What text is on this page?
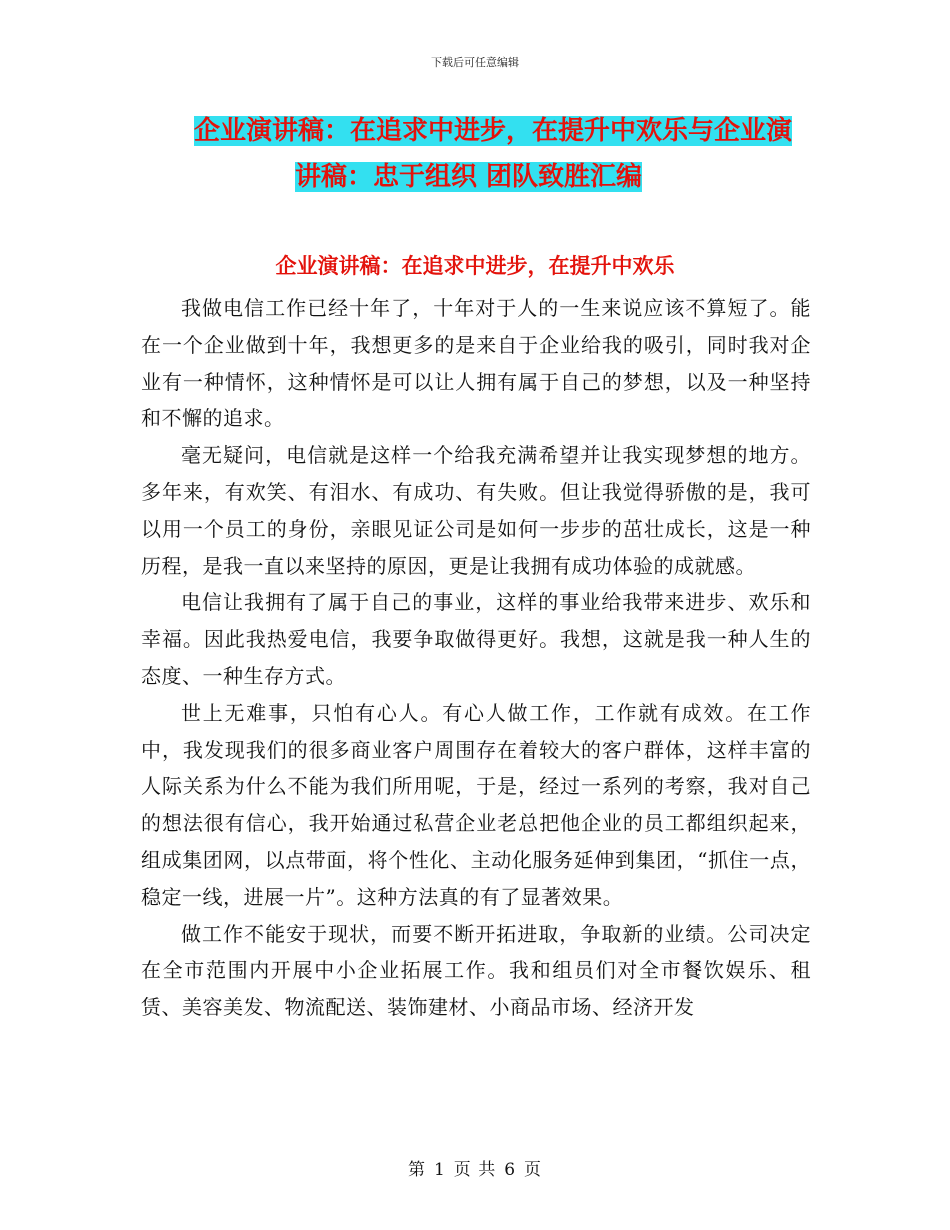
下载后可任意编辑
企业演讲稿：在追求中进步，在提升中欢乐与企业演
讲稿：忠于组织 团队致胜汇编
企业演讲稿：在追求中进步，在提升中欢乐

我做电信工作已经十年了，十年对于人的一生来说应该不算短了。能在一个企业做到十年，我想更多的是来自于企业给我的吸引，同时我对企业有一种情怀，这种情怀是可以让人拥有属于自己的梦想，以及一种坚持和不懈的追求。

毫无疑问，电信就是这样一个给我充满希望并让我实现梦想的地方。多年来，有欢笑、有泪水、有成功、有失败。但让我觉得骄傲的是，我可以用一个员工的身份，亲眼见证公司是如何一步步的茁壮成长，这是一种历程，是我一直以来坚持的原因，更是让我拥有成功体验的成就感。

电信让我拥有了属于自己的事业，这样的事业给我带来进步、欢乐和幸福。因此我热爱电信，我要争取做得更好。我想，这就是我一种人生的态度、一种生存方式。

世上无难事，只怕有心人。有心人做工作，工作就有成效。在工作中，我发现我们的很多商业客户周围存在着较大的客户群体，这样丰富的人际关系为什么不能为我们所用呢，于是，经过一系列的考察，我对自己的想法很有信心，我开始通过私营企业老总把他企业的员工都组织起来，组成集团网，以点带面，将个性化、主动化服务延伸到集团，“抓住一点，稳定一线，进展一片”。这种方法真的有了显著效果。

做工作不能安于现状，而要不断开拓进取，争取新的业绩。公司决定在全市范围内开展中小企业拓展工作。我和组员们对全市餐饮娱乐、租赁、美容美发、物流配送、装饰建材、小商品市场、经济开发

第 1 页 共 6 页
